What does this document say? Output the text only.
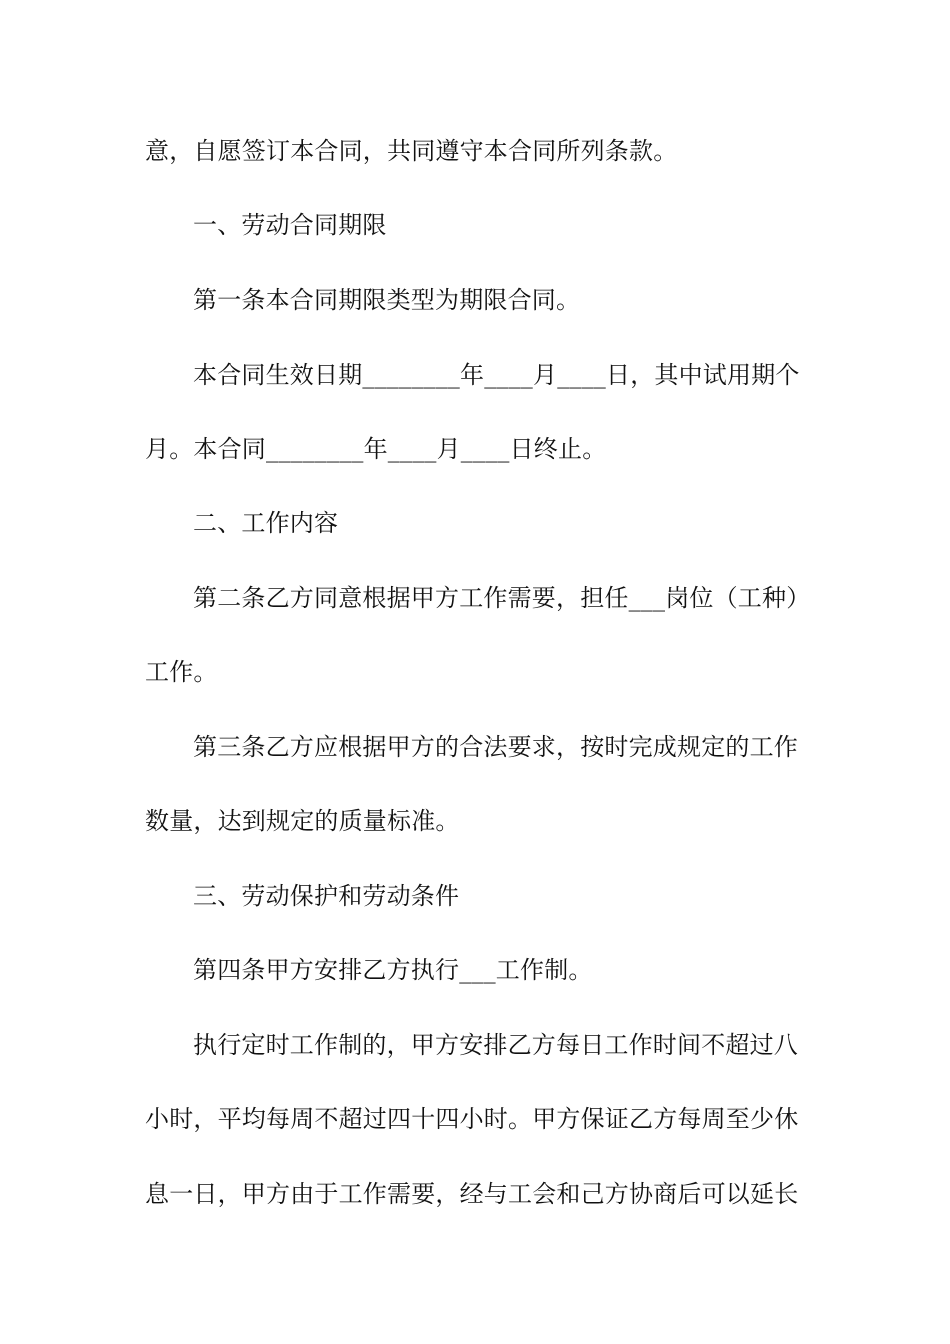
意，自愿签订本合同，共同遵守本合同所列条款。
一、劳动合同期限
第一条本合同期限类型为期限合同。
本合同生效日期________年____月____日，其中试用期个
月。本合同________年____月____日终止。
二、工作内容
第二条乙方同意根据甲方工作需要，担任___岗位（工种）
工作。
第三条乙方应根据甲方的合法要求，按时完成规定的工作
数量，达到规定的质量标准。
三、劳动保护和劳动条件
第四条甲方安排乙方执行___工作制。
执行定时工作制的，甲方安排乙方每日工作时间不超过八
小时，平均每周不超过四十四小时。甲方保证乙方每周至少休
息一日，甲方由于工作需要，经与工会和己方协商后可以延长
